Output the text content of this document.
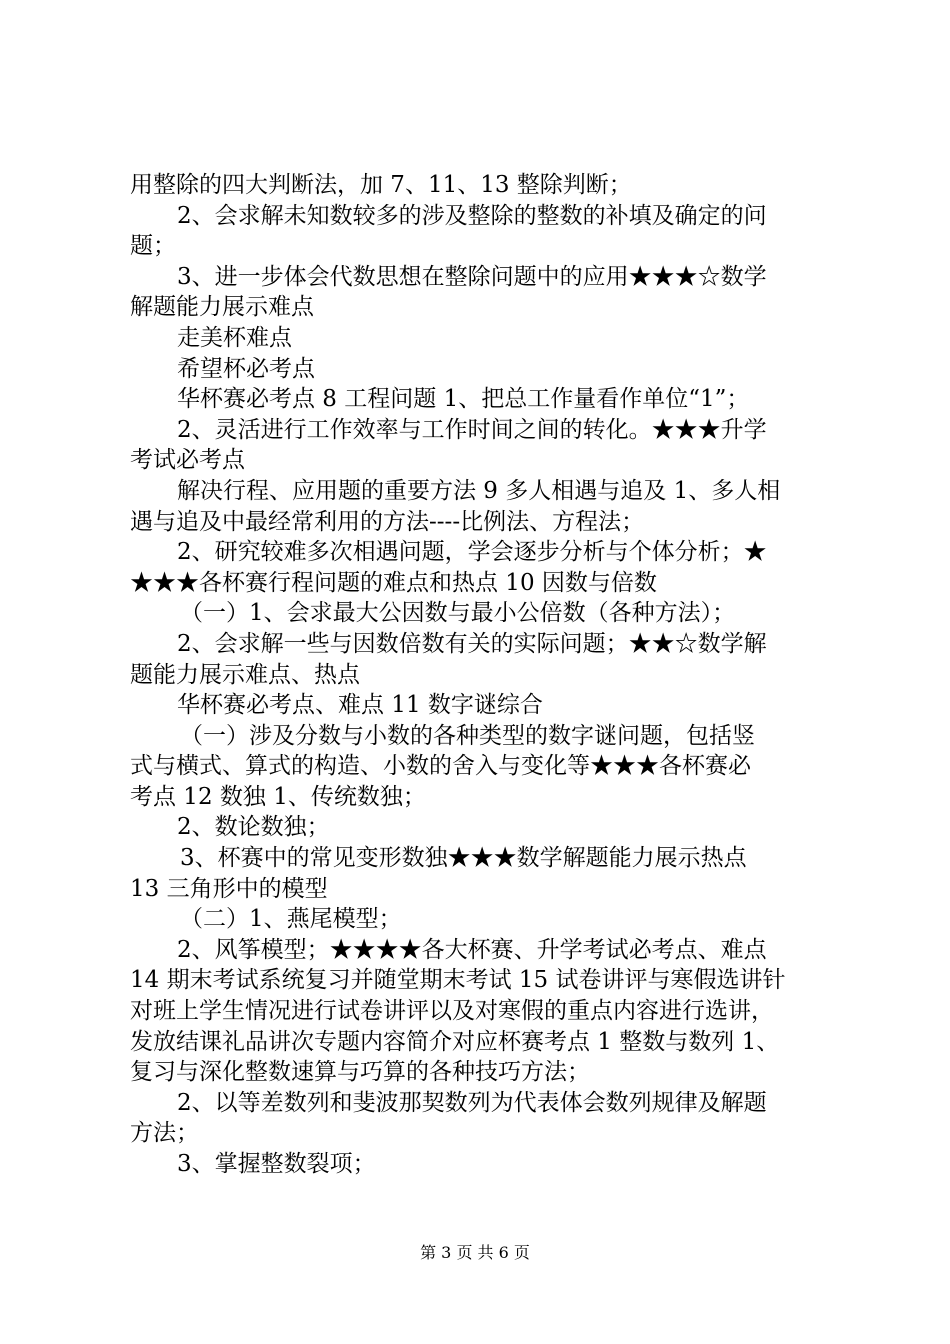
用整除的四大判断法，加 7、11、13 整除判断；
2、会求解未知数较多的涉及整除的整数的补填及确定的问
题；
3、进一步体会代数思想在整除问题中的应用★★★☆数学
解题能力展示难点
走美杯难点
希望杯必考点
华杯赛必考点 8 工程问题 1、把总工作量看作单位“1”；
2、灵活进行工作效率与工作时间之间的转化。★★★升学
考试必考点
解决行程、应用题的重要方法 9 多人相遇与追及 1、多人相
遇与追及中最经常利用的方法----比例法、方程法；
2、研究较难多次相遇问题，学会逐步分析与个体分析；★
★★★各杯赛行程问题的难点和热点 10 因数与倍数
（一）1、会求最大公因数与最小公倍数（各种方法）；
2、会求解一些与因数倍数有关的实际问题；★★☆数学解
题能力展示难点、热点
华杯赛必考点、难点 11 数字谜综合
（一）涉及分数与小数的各种类型的数字谜问题，包括竖
式与横式、算式的构造、小数的舍入与变化等★★★各杯赛必
考点 12 数独 1、传统数独；
2、数论数独；
3、杯赛中的常见变形数独★★★数学解题能力展示热点
13 三角形中的模型
（二）1、燕尾模型；
2、风筝模型；★★★★各大杯赛、升学考试必考点、难点
14 期末考试系统复习并随堂期末考试 15 试卷讲评与寒假选讲针
对班上学生情况进行试卷讲评以及对寒假的重点内容进行选讲，
发放结课礼品讲次专题内容简介对应杯赛考点 1 整数与数列 1、
复习与深化整数速算与巧算的各种技巧方法；
2、以等差数列和斐波那契数列为代表体会数列规律及解题
方法；
3、掌握整数裂项；
第 3 页 共 6 页
